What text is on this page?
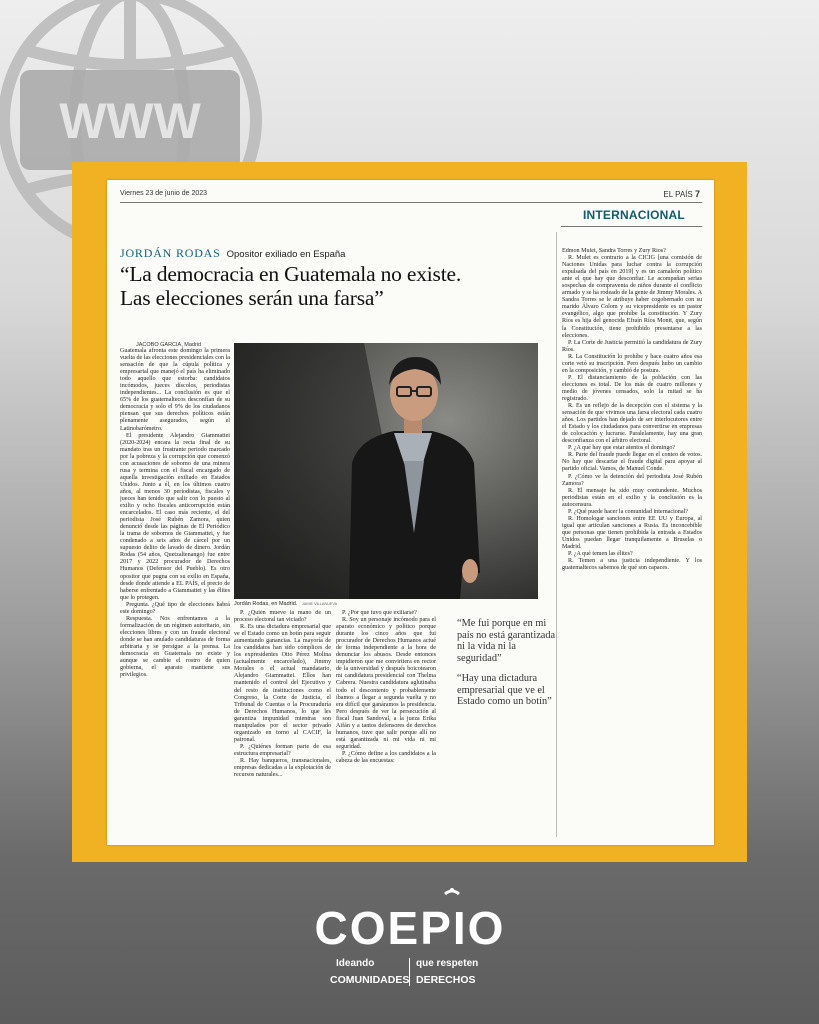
WWW
Viernes 23 de junio de 2023	EL PAÍS 7
INTERNACIONAL
JORDÁN RODAS Opositor exiliado en España
“La democracia en Guatemala no existe.
Las elecciones serán una farsa”

JACOBO GARCÍA, Madrid

Guatemala afronta este domingo la primera vuelta de las elecciones presidenciales con la sensación de que la cúpula política y empresarial que manejó el país ha eliminado todo aquello que estorba: candidatos incómodos, jueces díscolos, periodistas independientes... La conclusión es que el 65% de los guatemaltecos desconfían de su democracia y solo el 9% de los ciudadanos piensan que sus derechos políticos están plenamente asegurados, según el Latinobarómetro.

El presidente Alejandro Giammattei (2020-2024) encara la recta final de su mandato tras un frustrante periodo marcado por la pobreza y la corrupción que comenzó con acusaciones de soborno de una minera rusa y termina con el fiscal encargado de aquella investigación exiliado en Estados Unidos. Junto a él, en los últimos cuatro años, al menos 30 periodistas, fiscales y jueces han tenido que salir con lo puesto al exilio y ocho fiscales anticorrupción están encarcelados. El caso más reciente, el del periodista José Rubén Zamora, quien denunció desde las páginas de El Periódico la trama de sobornos de Giammattei, y fue condenado a seis años de cárcel por un supuesto delito de lavado de dinero. Jordán Rodas (54 años, Quetzaltenango) fue entre 2017 y 2022 procurador de Derechos Humanos (Defensor del Pueblo). Es otro opositor que pugna con su exilio en España, desde donde atiende a EL PAÍS, el precio de haberse enfrentado a Giammattei y las élites que lo protegen.

Pregunta. ¿Qué tipo de elecciones habrá este domingo?

Respuesta. Nos enfrentamos a la formalización de un régimen autoritario, sin elecciones libres y con un fraude electoral donde se han anulado candidaturas de forma arbitraria y se persigue a la prensa. La democracia en Guatemala no existe y aunque se cambie el rostro de quien gobierna, el aparato mantiene sus privilegios.

Jordán Rodas, en Madrid. JAIME VILLANUEVA

P. ¿Quién mueve la mano de un proceso electoral tan viciado?

R. Es una dictadura empresarial que ve el Estado como un botín para seguir aumentando ganancias. La mayoría de los candidatos han sido cómplices de los expresidentes Otto Pérez Molina (actualmente encarcelado), Jimmy Morales o el actual mandatario, Alejandro Giammattei. Ellos han mantenido el control del Ejecutivo y del resto de instituciones como el Congreso, la Corte de Justicia, el Tribunal de Cuentas o la Procuraduría de Derechos Humanos, lo que les garantiza impunidad mientras son manipulados por el sector privado organizado en torno al CACIF, la patronal.

P. ¿Quiénes forman parte de esa estructura empresarial?

R. Hay banqueros, transnacionales, empresas dedicadas a la explotación de recursos naturales...

P. ¿Por qué tuvo que exiliarse?

R. Soy un personaje incómodo para el aparato económico y político porque durante los cinco años que fui procurador de Derechos Humanos actué de forma independiente a la hora de denunciar los abusos. Desde entonces impidieron que me convirtiera en rector de la universidad y después boicotearon mi candidatura presidencial con Thelma Cabrera. Nuestra candidatura aglutinaba todo el descontento y probablemente íbamos a llegar a segunda vuelta y no era difícil que ganáramos la presidencia. Pero después de ver la persecución al fiscal Juan Sandoval, a la jueza Erika Aifán y a tantos defensores de derechos humanos, tuve que salir porque allí no está garantizada ni mi vida ni mi seguridad.

P. ¿Cómo define a los candidatos a la cabeza de las encuestas:

“Me fui porque en mi país no está garantizada ni la vida ni la seguridad”
“Hay una dictadura empresarial que ve el Estado como un botín”

Edmon Mulet, Sandra Torres y Zury Ríos?

R. Mulet es contrario a la CICIG [una comisión de Naciones Unidas para luchar contra la corrupción expulsada del país en 2019] y es un camaleón político ante el que hay que desconfiar. Le acompañan serias sospechas de compraventa de niños durante el conflicto armado y se ha rodeado de la gente de Jimmy Morales. A Sandra Torres se le atribuye haber cogobernado con su marido Álvaro Colom y su vicepresidente es un pastor evangélico, algo que prohíbe la constitución. Y Zury Ríos es hija del genocida Efraín Ríos Montt, que, según la Constitución, tiene prohibido presentarse a las elecciones.

P. La Corte de Justicia permitió la candidatura de Zury Ríos.

R. La Constitución lo prohíbe y hace cuatro años esa corte vetó su inscripción. Pero después hubo un cambio en la composición, y cambió de postura.

P. El distanciamiento de la población con las elecciones es total. De los más de cuatro millones y medio de jóvenes censados, solo la mitad se ha registrado.

R. Es un reflejo de la decepción con el sistema y la sensación de que vivimos una farsa electoral cada cuatro años. Los partidos han dejado de ser interlocutores entre el Estado y los ciudadanos para convertirse en empresas de colocación y lucrarse. Paralelamente, hay una gran desconfianza con el árbitro electoral.

P. ¿A qué hay que estar atentos el domingo?

R. Parte del fraude puede llegar en el conteo de votos. No hay que descartar el fraude digital para apoyar al partido oficial. Vamos, de Manuel Conde.

P. ¿Cómo ve la detención del periodista José Rubén Zamora?

R. El mensaje ha sido muy contundente. Muchos periodistas están en el exilio y la conclusión es la autocensura.

P. ¿Qué puede hacer la comunidad internacional?

R. Homologar sanciones entre EE UU y Europa, al igual que articulan sanciones a Rusia. Es inconcebible que personas que tienen prohibida la entrada a Estados Unidos puedan llegar tranquilamente a Bruselas o Madrid.

P. ¿A qué temen las élites?

R. Temen a una justicia independiente. Y los guatemaltecos sabemos de qué son capaces.

COEPIO
Ideando	que respeten
COMUNIDADES DERECHOS
